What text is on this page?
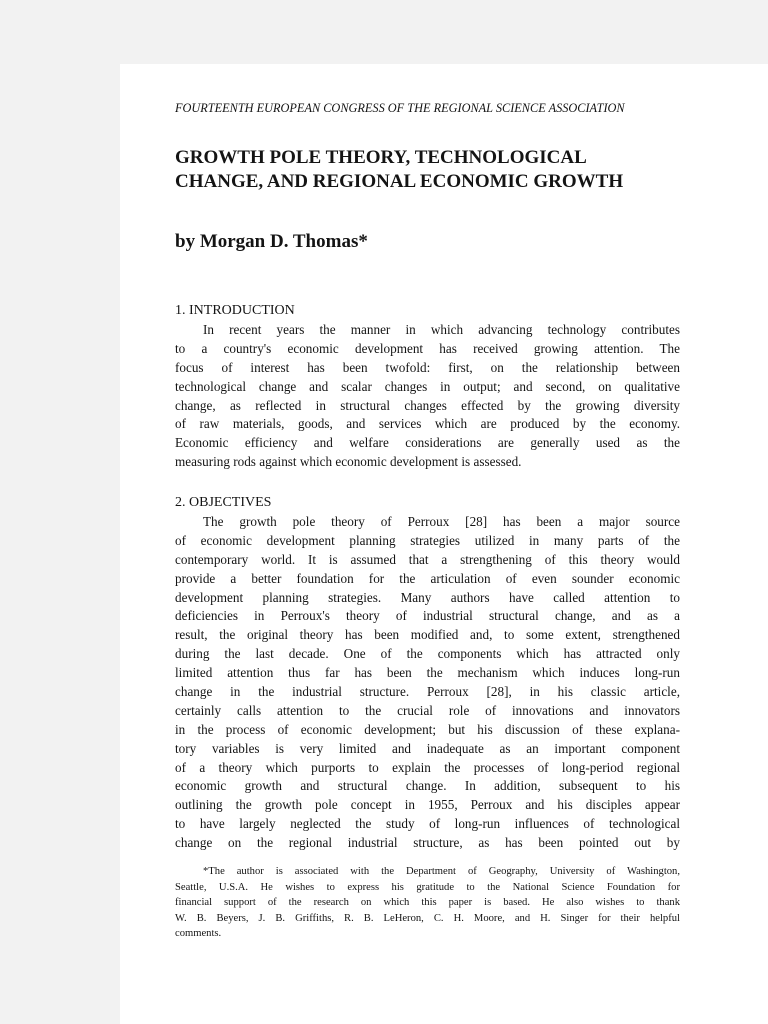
FOURTEENTH EUROPEAN CONGRESS OF THE REGIONAL SCIENCE ASSOCIATION
GROWTH POLE THEORY, TECHNOLOGICAL
CHANGE, AND REGIONAL ECONOMIC GROWTH
by Morgan D. Thomas*
1. INTRODUCTION
In recent years the manner in which advancing technology contributes
to a country's economic development has received growing attention. The
focus of interest has been twofold: first, on the relationship between
technological change and scalar changes in output; and second, on qualitative
change, as reflected in structural changes effected by the growing diversity
of raw materials, goods, and services which are produced by the economy.
Economic efficiency and welfare considerations are generally used as the
measuring rods against which economic development is assessed.
2. OBJECTIVES
The growth pole theory of Perroux [28] has been a major source
of economic development planning strategies utilized in many parts of the
contemporary world. It is assumed that a strengthening of this theory would
provide a better foundation for the articulation of even sounder economic
development planning strategies. Many authors have called attention to
deficiencies in Perroux's theory of industrial structural change, and as a
result, the original theory has been modified and, to some extent, strengthened
during the last decade. One of the components which has attracted only
limited attention thus far has been the mechanism which induces long-run
change in the industrial structure. Perroux [28], in his classic article,
certainly calls attention to the crucial role of innovations and innovators
in the process of economic development; but his discussion of these explana-
tory variables is very limited and inadequate as an important component
of a theory which purports to explain the processes of long-period regional
economic growth and structural change. In addition, subsequent to his
outlining the growth pole concept in 1955, Perroux and his disciples appear
to have largely neglected the study of long-run influences of technological
change on the regional industrial structure, as has been pointed out by
*The author is associated with the Department of Geography, University of Washington,
Seattle, U.S.A. He wishes to express his gratitude to the National Science Foundation for
financial support of the research on which this paper is based. He also wishes to thank
W. B. Beyers, J. B. Griffiths, R. B. LeHeron, C. H. Moore, and H. Singer for their helpful
comments.
